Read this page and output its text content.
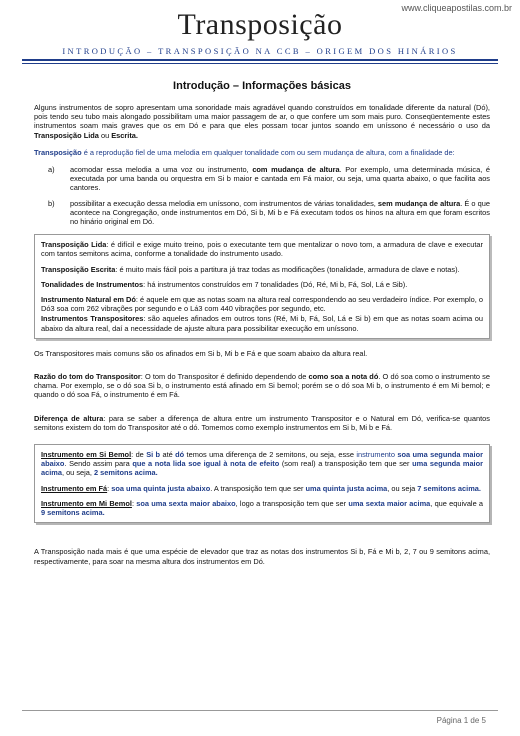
www.cliqueapostilas.com.br
Transposição
INTRODUÇÃO – TRANSPOSIÇÃO NA CCB – ORIGEM DOS HINÁRIOS
Introdução – Informações básicas

Alguns instrumentos de sopro apresentam uma sonoridade mais agradável quando construídos em tonalidade diferente da natural (Dó), pois tendo seu tubo mais alongado possibilitam uma maior passagem de ar, o que confere um som mais puro. Conseqüentemente estes instrumentos soam mais graves que os em Dó e para que eles possam tocar juntos soando em uníssono é necessário o uso da Transposição Lida ou Escrita.

Transposição é a reprodução fiel de uma melodia em qualquer tonalidade com ou sem mudança de altura, com a finalidade de:

a)	acomodar essa melodia a uma voz ou instrumento, com mudança de altura. Por exemplo, uma determinada música, é executada por uma banda ou orquestra em Si b maior e cantada em Fá maior, ou seja, uma quarta abaixo, o que facilita aos cantores.
b)	possibilitar a execução dessa melodia em uníssono, com instrumentos de várias tonalidades, sem mudança de altura. É o que acontece na Congregação, onde instrumentos em Dó, Si b, Mi b e Fá executam todos os hinos na altura em que foram escritos no hinário original em Dó.

Transposição Lida: é difícil e exige muito treino, pois o executante tem que mentalizar o novo tom, a armadura de clave e executar com tantos semitons acima, conforme a tonalidade do instrumento usado.

Transposição Escrita: é muito mais fácil pois a partitura já traz todas as modificações (tonalidade, armadura de clave e notas).

Tonalidades de Instrumentos: há instrumentos construídos em 7 tonalidades (Dó, Ré, Mi b, Fá, Sol, Lá e Sib).

Instrumento Natural em Dó: é aquele em que as notas soam na altura real correspondendo ao seu verdadeiro índice. Por exemplo, o Dó3 soa com 262 vibrações por segundo e o Lá3 com 440 vibrações por segundo, etc.

Instrumentos Transpositores: são aqueles afinados em outros tons (Ré, Mi b, Fá, Sol, Lá e Si b) em que as notas soam acima ou abaixo da altura real, daí a necessidade de ajuste altura para possibilitar execução em uníssono.

Os Transpositores mais comuns são os afinados em Si b, Mi b e Fá e que soam abaixo da altura real.

Razão do tom do Transpositor: O tom do Transpositor é definido dependendo de como soa a nota dó. O dó soa como o instrumento se chama. Por exemplo, se o dó soa Si b, o instrumento está afinado em Si bemol; porém se o dó soa Mi b, o instrumento é em Mi bemol; e quando o dó soa Fá, o instrumento é em Fá.

Diferença de altura: para se saber a diferença de altura entre um instrumento Transpositor e o Natural em Dó, verifica-se quantos semitons existem do tom do Transpositor até o dó. Tomemos como exemplo instrumentos em Si b, Mi b e Fá.

Instrumento em Si Bemol: de Si b até dó temos uma diferença de 2 semitons, ou seja, esse instrumento soa uma segunda maior abaixo. Sendo assim para que a nota lida soe igual à nota de efeito (som real) a transposição tem que ser uma segunda maior acima, ou seja, 2 semitons acima.

Instrumento em Fá: soa uma quinta justa abaixo. A transposição tem que ser uma quinta justa acima, ou seja 7 semitons acima.

Instrumento em Mi Bemol: soa uma sexta maior abaixo, logo a transposição tem que ser uma sexta maior acima, que equivale a 9 semitons acima.

A Transposição nada mais é que uma espécie de elevador que traz as notas dos instrumentos Si b, Fá e Mi b, 2, 7 ou 9 semitons acima, respectivamente, para soar na mesma altura dos instrumentos em Dó.

Página 1 de 5
